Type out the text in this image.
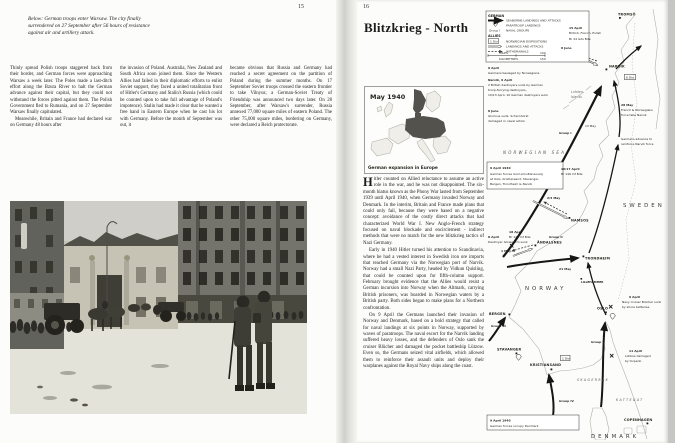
15
Below: German troops enter Warsaw. The city finally surrendered on 27 September after 56 hours of resistance against air and artillery attack.

Thinly spread Polish troops staggered back from their border, and German forces were approaching Warsaw a week later. The Poles made a last-ditch effort along the Bzura River to halt the German advance against their capital, but they could not withstand the forces pitted against them. The Polish Government fled to Rumania, and on 27 September Warsaw finally capitulated.

Meanwhile, Britain and France had declared war on Germany 48 hours after

the invasion of Poland. Australia, New Zealand and South Africa soon joined them. Since the Western Allies had failed in their diplomatic efforts to enlist Soviet support, they faced a united totalitarian front of Hitler's Germany and Stalin's Russia (which could be counted upon to take full advantage of Poland's impotence). Stalin had made it clear that he wanted a free hand in Eastern Europe when he cast his lot with Germany. Before the month of September was out, it

became obvious that Russia and Germany had reached a secret agreement on the partition of Poland during the summer months. On 17 September Soviet troops crossed the eastern frontier to take Vilnyus; a German-Soviet Treaty of Friendship was announced two days later. On 28 September, after Warsaw's surrender, Russia annexed 77,000 square miles of eastern Poland. The other 75,000 square miles, bordering on Germany, were declared a Reich protectorate.

16
Blitzkrieg - North
May 1940
German expansion in Europe

Hitler counted on Allied reluctance to assume an active role in the war, and he was not disappointed. The six-month hiatus known as the Phony War lasted from September 1939 until April 1940, when Germany invaded Norway and Denmark. In the interim, Britain and France made plans that could only fail, because they were based on a negative concept: avoidance of the costly direct attacks that had characterized World War I. New Anglo-French strategy focused on naval blockade and encirclement - indirect methods that were no match for the new blitzkrieg tactics of Nazi Germany.

Early in 1940 Hitler turned his attention to Scandinavia, where he had a vested interest in Swedish iron ore imports that reached Germany via the Norwegian port of Narvik. Norway had a small Nazi Party, headed by Vidkun Quisling, that could be counted upon for fifth-column support. February brought evidence that the Allies would resist a German incursion into Norway when the Altmark, carrying British prisoners, was boarded in Norwegian waters by a British party. Both sides began to make plans for a Northern confrontation.

On 9 April the Germans launched their invasion of Norway and Denmark, based on a bold strategy that called for naval landings at six points in Norway, supported by waves of paratroops. The naval escort for the Narvik landing suffered heavy losses, and the defenders of Oslo sank the cruiser Blücher and damaged the pocket battleship Lützow. Even so, the Germans seized vital airfields, which allowed them to reinforce their assault units and deploy their warplanes against the Royal Navy ships along the coast.

GERMAN
SEABORNE LANDINGS AND ATTACKS
PARATROOP LANDINGS
Group I NAVAL GROUPS
ALLIES
1 Div	NORWEGIAN DISPOSITIONS
LANDINGS AND ATTACKS
WITHDRAWALS
MILES	100
KILOMETRES	150
TROMSÖ
15 April
British, French, Polish
Br 24 Gds Bde
8 June
NARVIK
6 Div
Lofoten
Islands
28 May
French & Norwegians
force take Narvik
Group I
13 May
Germans advance to
reinforce Narvik force
9 April
Germans besieged by Norwegians
Narvik, 9 April
2 British destroyers sunk by German
troop-ferrying destroyers,
10/13 April, 10 German destroyers sunk
8 June
Glorious sunk, Scharnhorst
damaged in naval action
NORWEGIAN SEA
9 April 1940
German forces land simultaneously
at Oslo, Kristiansand, Stavanger,
Bergen, Trondheim & Narvik
16/17 April
Br 146 Inf Bde
2/3 May
NAMSOS
Group II
8 April
Destroyer Glowworm sunk
SWEDEN
TRONDHEIM
18 April
Br 148 Inf Bde
1 May
ÅNDALSNES
21 May
NORWAY
LILLEHAMMER
BERGEN
Group III
OSLO
9 April
Navy cruiser Blücher sunk
by shore batteries
STAVANGER
KRISTIANSAND
1 Div
SKAGERRAK
Group IV
11 April
Lützow damaged
by torpedo
KATTEGAT
COPENHAGEN
DENMARK
9 April 1940
German forces occupy Denmark
Group V
